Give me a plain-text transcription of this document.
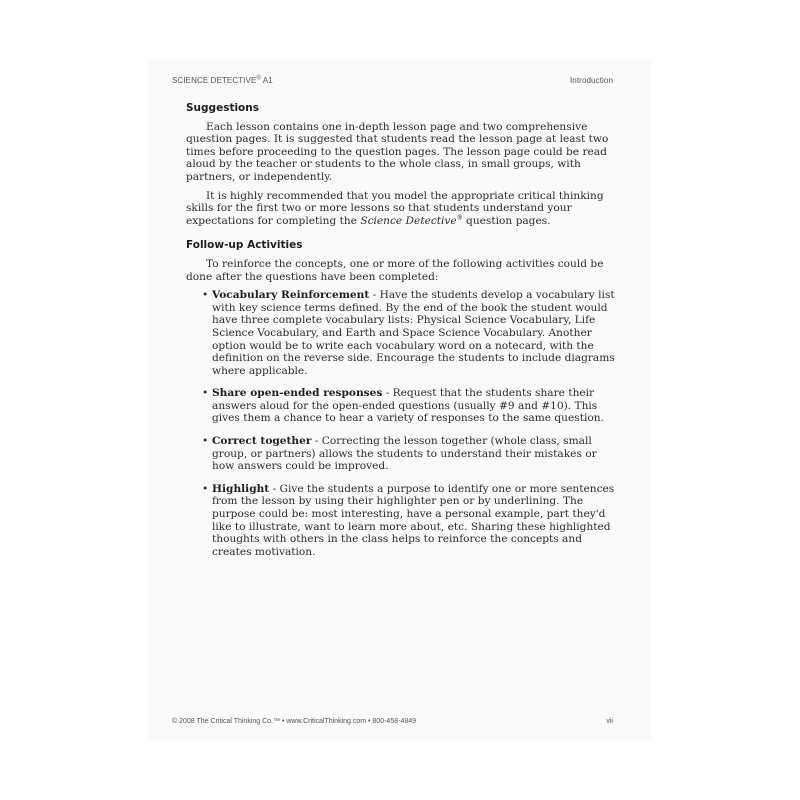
SCIENCE DETECTIVE® A1	Introduction
Suggestions

Each lesson contains one in-depth lesson page and two comprehensive question pages. It is suggested that students read the lesson page at least two times before proceeding to the question pages. The lesson page could be read aloud by the teacher or students to the whole class, in small groups, with partners, or independently.

It is highly recommended that you model the appropriate critical thinking skills for the first two or more lessons so that students understand your expectations for completing the Science Detective® question pages.

Follow-up Activities

To reinforce the concepts, one or more of the following activities could be done after the questions have been completed:

• Vocabulary Reinforcement - Have the students develop a vocabulary list with key science terms defined. By the end of the book the student would have three complete vocabulary lists: Physical Science Vocabulary, Life Science Vocabulary, and Earth and Space Science Vocabulary. Another option would be to write each vocabulary word on a notecard, with the definition on the reverse side. Encourage the students to include diagrams where applicable.
• Share open-ended responses - Request that the students share their answers aloud for the open-ended questions (usually #9 and #10). This gives them a chance to hear a variety of responses to the same question.
• Correct together - Correcting the lesson together (whole class, small group, or partners) allows the students to understand their mistakes or how answers could be improved.
• Highlight - Give the students a purpose to identify one or more sentences from the lesson by using their highlighter pen or by underlining. The purpose could be: most interesting, have a personal example, part they'd like to illustrate, want to learn more about, etc. Sharing these highlighted thoughts with others in the class helps to reinforce the concepts and creates motivation.
© 2008 The Critical Thinking Co.™ • www.CriticalThinking.com • 800-458-4849	vii
